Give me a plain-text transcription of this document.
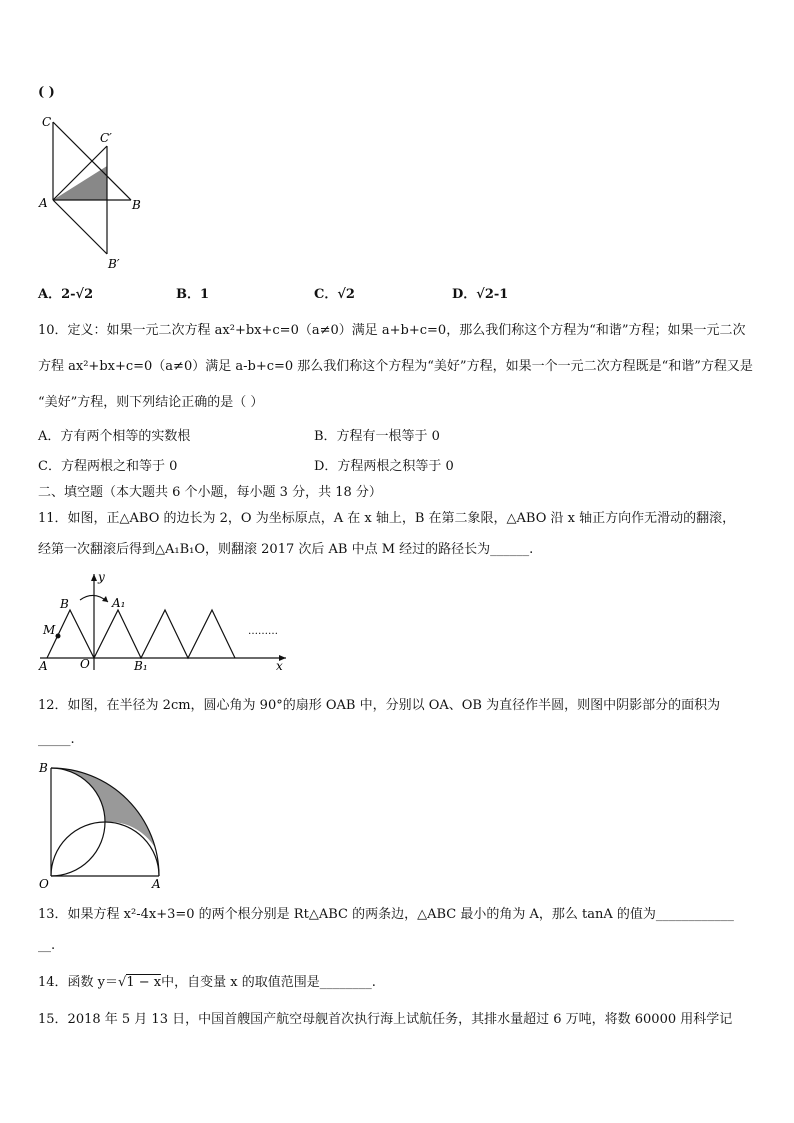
( )
C
C′
A	B
B′
A．2-√2	B．1	C．√2	D．√2-1
10．定义：如果一元二次方程 ax²+bx+c=0（a≠0）满足 a+b+c=0，那么我们称这个方程为“和谐”方程；如果一元二次
方程 ax²+bx+c=0（a≠0）满足 a-b+c=0 那么我们称这个方程为“美好”方程，如果一个一元二次方程既是“和谐”方程又是
“美好”方程，则下列结论正确的是（ ）
A．方有两个相等的实数根	B．方程有一根等于 0
C．方程两根之和等于 0	D．方程两根之积等于 0
二、填空题（本大题共 6 个小题，每小题 3 分，共 18 分）
11．如图，正△ABO 的边长为 2，O 为坐标原点，A 在 x 轴上，B 在第二象限，△ABO 沿 x 轴正方向作无滑动的翻滚，
经第一次翻滚后得到△A₁B₁O，则翻滚 2017 次后 AB 中点 M 经过的路径长为______.
y
B	A₁
M
A	O	B₁	x
………
12．如图，在半径为 2cm，圆心角为 90°的扇形 OAB 中，分别以 OA、OB 为直径作半圆，则图中阴影部分的面积为
_____.
B
O	A
13．如果方程 x²-4x+3=0 的两个根分别是 Rt△ABC 的两条边，△ABC 最小的角为 A，那么 tanA 的值为____________
__.
14．函数 y＝√1 − x中，自变量 x 的取值范围是________.
15．2018 年 5 月 13 日，中国首艘国产航空母舰首次执行海上试航任务，其排水量超过 6 万吨，将数 60000 用科学记
